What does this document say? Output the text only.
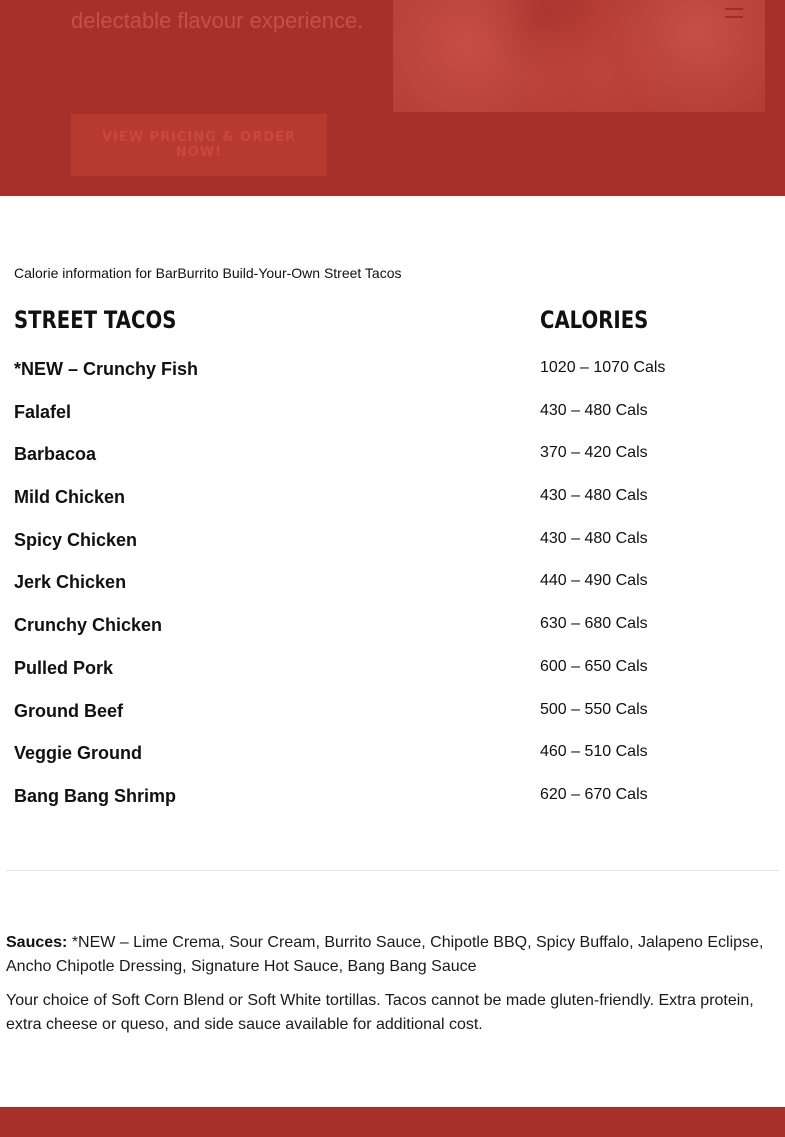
delectable flavour experience.
VIEW PRICING & ORDER NOW!
Calorie information for BarBurrito Build-Your-Own Street Tacos
STREET TACOS	CALORIES
*NEW – Crunchy Fish	1020 – 1070 Cals
Falafel	430 – 480 Cals
Barbacoa	370 – 420 Cals
Mild Chicken	430 – 480 Cals
Spicy Chicken	430 – 480 Cals
Jerk Chicken	440 – 490 Cals
Crunchy Chicken	630 – 680 Cals
Pulled Pork	600 – 650 Cals
Ground Beef	500 – 550 Cals
Veggie Ground	460 – 510 Cals
Bang Bang Shrimp	620 – 670 Cals

Sauces: *NEW – Lime Crema, Sour Cream, Burrito Sauce, Chipotle BBQ, Spicy Buffalo, Jalapeno Eclipse, Ancho Chipotle Dressing, Signature Hot Sauce, Bang Bang Sauce

Your choice of Soft Corn Blend or Soft White tortillas. Tacos cannot be made gluten-friendly. Extra protein, extra cheese or queso, and side sauce available for additional cost.
